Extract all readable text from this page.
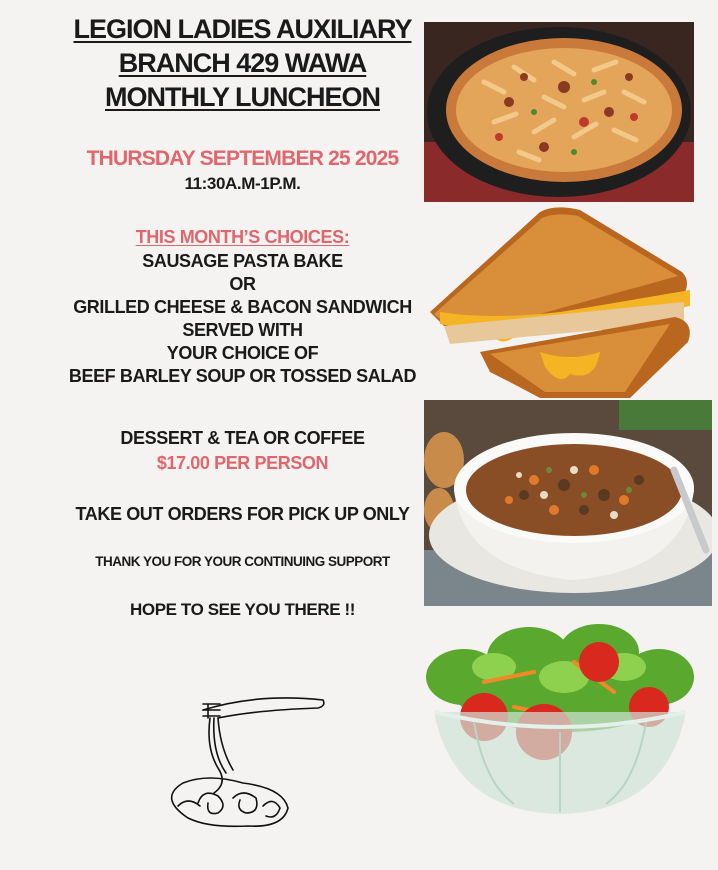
LEGION LADIES AUXILIARY
BRANCH 429 WAWA
MONTHLY LUNCHEON
THURSDAY SEPTEMBER 25 2025
11:30A.M-1P.M.
THIS MONTH’S CHOICES:
SAUSAGE PASTA BAKE
OR
GRILLED CHEESE & BACON SANDWICH
SERVED WITH
YOUR CHOICE OF
BEEF BARLEY SOUP OR TOSSED SALAD
DESSERT & TEA OR COFFEE
$17.00 PER PERSON
TAKE OUT ORDERS FOR PICK UP ONLY
THANK YOU FOR YOUR CONTINUING SUPPORT
HOPE TO SEE YOU THERE !!
